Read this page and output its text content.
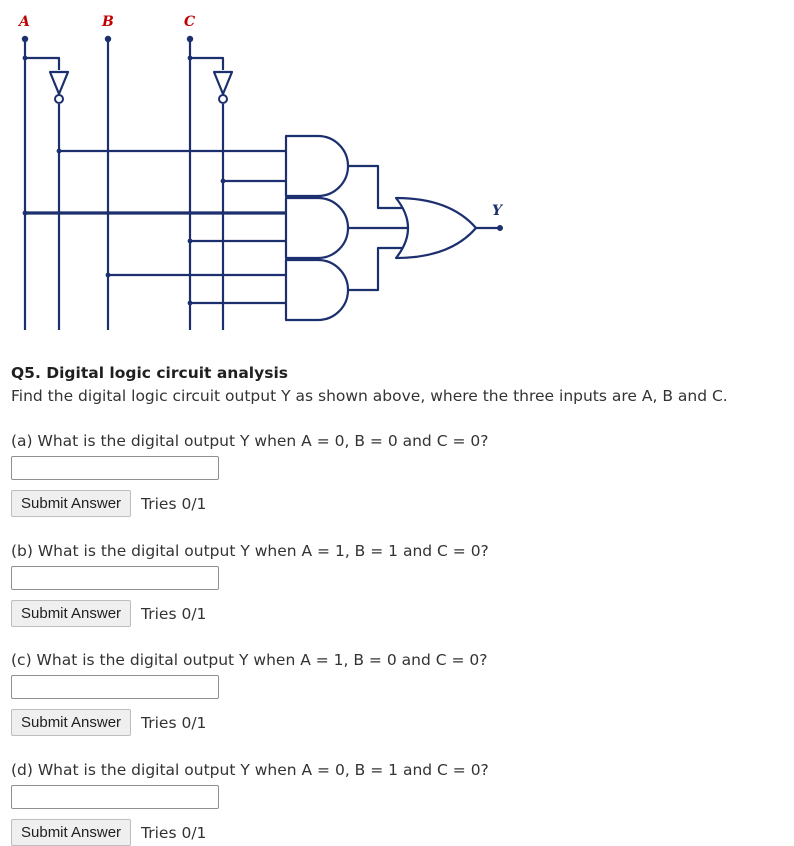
A	B	C
Y
Q5. Digital logic circuit analysis
Find the digital logic circuit output Y as shown above, where the three inputs are A, B and C.
(a) What is the digital output Y when A = 0, B = 0 and C = 0?
Submit Answer	Tries 0/1
(b) What is the digital output Y when A = 1, B = 1 and C = 0?
Submit Answer	Tries 0/1
(c) What is the digital output Y when A = 1, B = 0 and C = 0?
Submit Answer	Tries 0/1
(d) What is the digital output Y when A = 0, B = 1 and C = 0?
Submit Answer	Tries 0/1
